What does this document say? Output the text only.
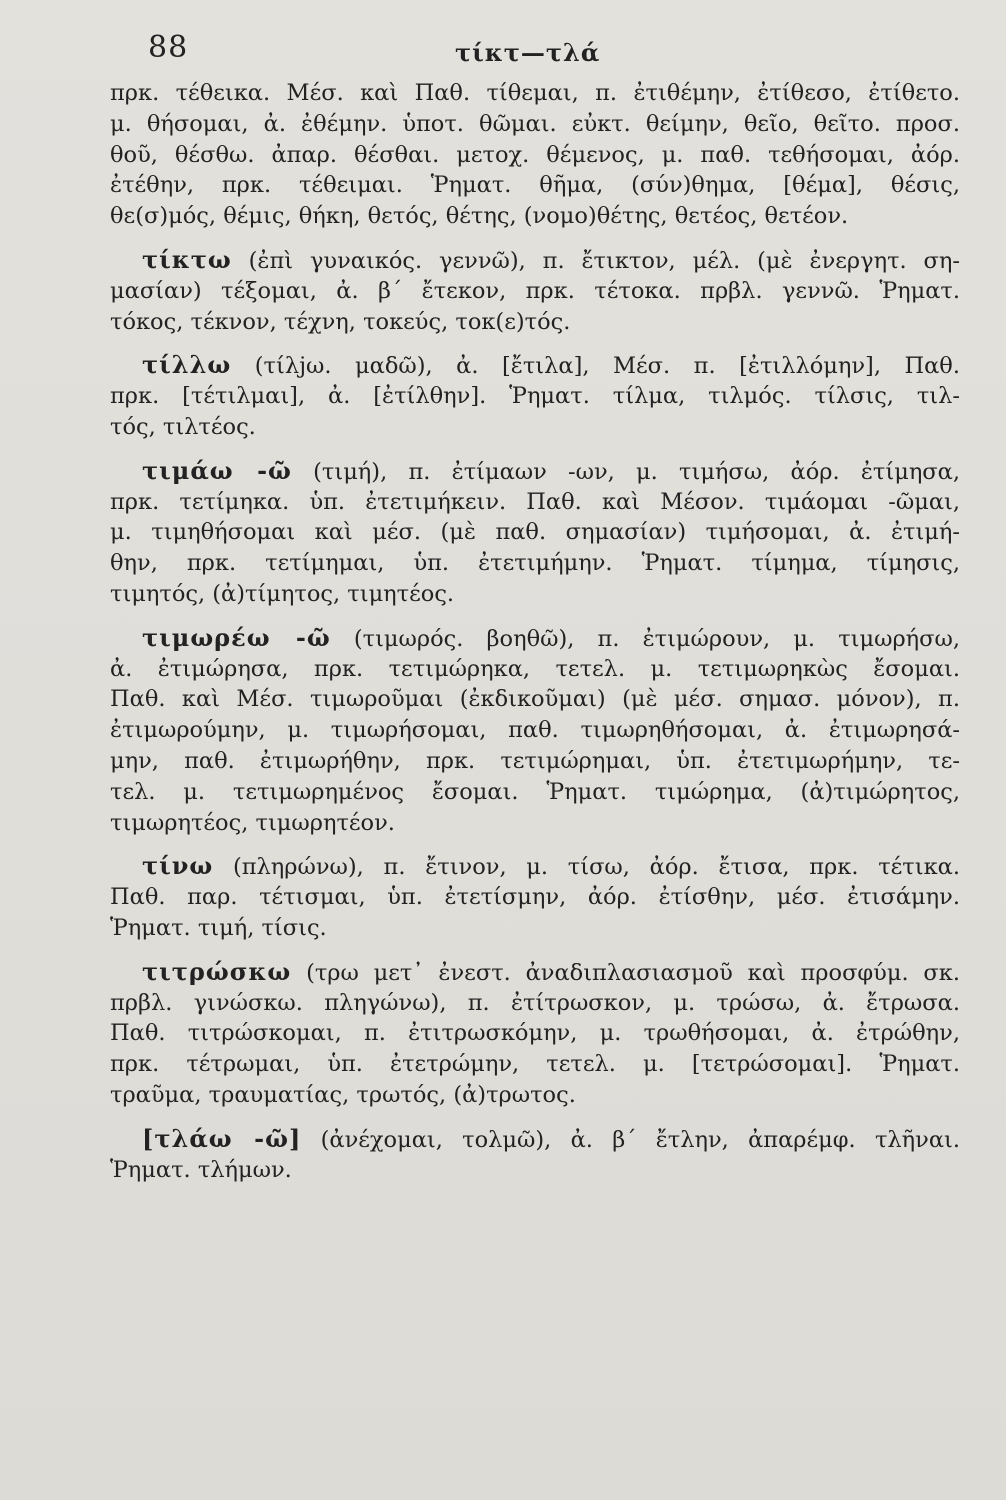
88	τίκτ—τλά
πρκ. τέθεικα. Μέσ. καὶ Παθ. τίθεμαι, π. ἐτιθέμην, ἐτίθεσο, ἐτίθετο.
μ. θήσομαι, ἀ. ἐθέμην. ὑποτ. θῶμαι. εὐκτ. θείμην, θεῖο, θεῖτο. προσ.
θοῦ, θέσθω. ἀπαρ. θέσθαι. μετοχ. θέμενος, μ. παθ. τεθήσομαι, ἀόρ.
ἐτέθην, πρκ. τέθειμαι. Ῥηματ. θῆμα, (σύν)θημα, [θέμα], θέσις,
θε(σ)μός, θέμις, θήκη, θετός, θέτης, (νομο)θέτης, θετέος, θετέον.
τίκτω (ἐπὶ γυναικός. γεννῶ), π. ἔτικτον, μέλ. (μὲ ἐνεργητ. ση-
μασίαν) τέξομαι, ἀ. β΄ ἔτεκον, πρκ. τέτοκα. πρβλ. γεννῶ. Ῥηματ.
τόκος, τέκνον, τέχνη, τοκεύς, τοκ(ε)τός.
τίλλω (τίλjω. μαδῶ), ἀ. [ἔτιλα], Μέσ. π. [ἐτιλλόμην], Παθ.
πρκ. [τέτιλμαι], ἀ. [ἐτίλθην]. Ῥηματ. τίλμα, τιλμός. τίλσις, τιλ-
τός, τιλτέος.
τιμάω -ῶ (τιμή), π. ἐτίμαων -ων, μ. τιμήσω, ἀόρ. ἐτίμησα,
πρκ. τετίμηκα. ὑπ. ἐτετιμήκειν. Παθ. καὶ Μέσον. τιμάομαι -ῶμαι,
μ. τιμηθήσομαι καὶ μέσ. (μὲ παθ. σημασίαν) τιμήσομαι, ἀ. ἐτιμή-
θην, πρκ. τετίμημαι, ὑπ. ἐτετιμήμην. Ῥηματ. τίμημα, τίμησις,
τιμητός, (ἀ)τίμητος, τιμητέος.
τιμωρέω -ῶ (τιμωρός. βοηθῶ), π. ἐτιμώρουν, μ. τιμωρήσω,
ἀ. ἐτιμώρησα, πρκ. τετιμώρηκα, τετελ. μ. τετιμωρηκὼς ἔσομαι.
Παθ. καὶ Μέσ. τιμωροῦμαι (ἐκδικοῦμαι) (μὲ μέσ. σημασ. μόνον), π.
ἐτιμωρούμην, μ. τιμωρήσομαι, παθ. τιμωρηθήσομαι, ἀ. ἐτιμωρησά-
μην, παθ. ἐτιμωρήθην, πρκ. τετιμώρημαι, ὑπ. ἐτετιμωρήμην, τε-
τελ. μ. τετιμωρημένος ἔσομαι. Ῥηματ. τιμώρημα, (ἀ)τιμώρητος,
τιμωρητέος, τιμωρητέον.
τίνω (πληρώνω), π. ἔτινον, μ. τίσω, ἀόρ. ἔτισα, πρκ. τέτικα.
Παθ. παρ. τέτισμαι, ὑπ. ἐτετίσμην, ἀόρ. ἐτίσθην, μέσ. ἐτισάμην.
Ῥηματ. τιμή, τίσις.
τιτρώσκω (τρω μετ᾽ ἐνεστ. ἀναδιπλασιασμοῦ καὶ προσφύμ. σκ.
πρβλ. γινώσκω. πληγώνω), π. ἐτίτρωσκον, μ. τρώσω, ἀ. ἔτρωσα.
Παθ. τιτρώσκομαι, π. ἐτιτρωσκόμην, μ. τρωθήσομαι, ἀ. ἐτρώθην,
πρκ. τέτρωμαι, ὑπ. ἐτετρώμην, τετελ. μ. [τετρώσομαι]. Ῥηματ.
τραῦμα, τραυματίας, τρωτός, (ἀ)τρωτος.
[τλάω -ῶ] (ἀνέχομαι, τολμῶ), ἀ. β΄ ἔτλην, ἀπαρέμφ. τλῆναι.
Ῥηματ. τλήμων.
